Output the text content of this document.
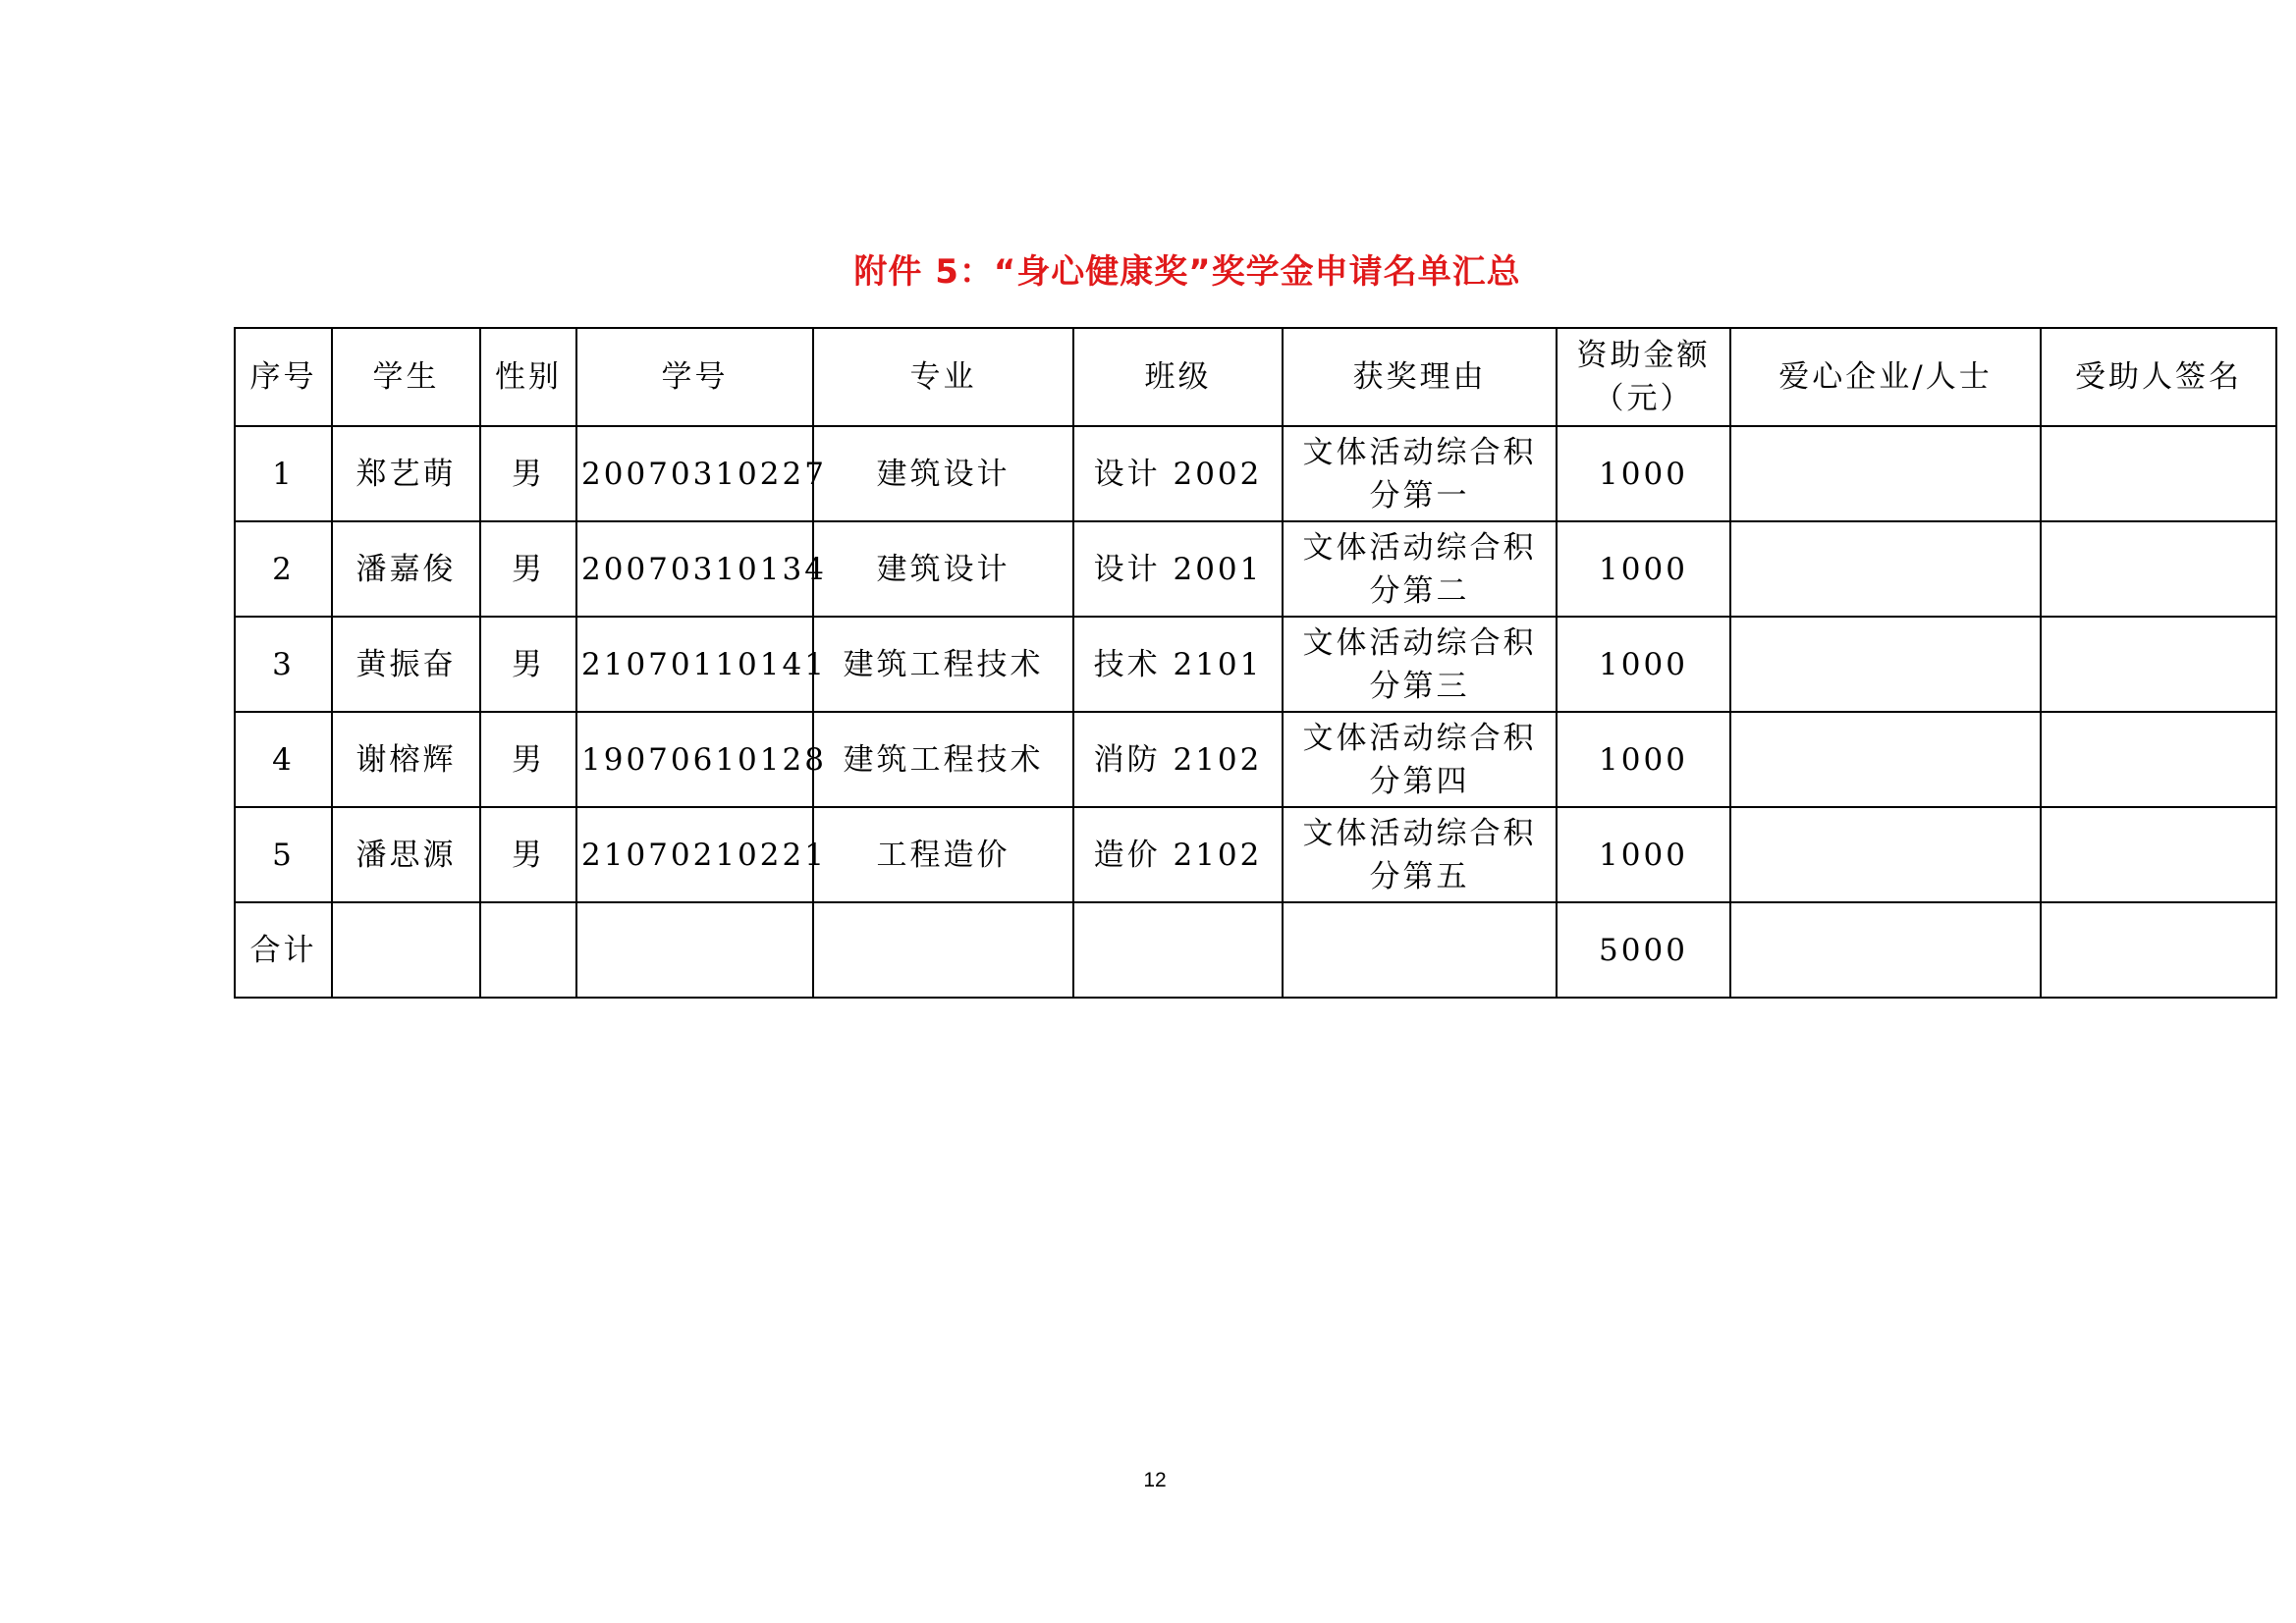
附件 5：“身心健康奖”奖学金申请名单汇总
序号	学生	性别	学号	专业	班级	获奖理由	资助金额
（元）	爱心企业/人士	受助人签名
1	郑艺萌	男	20070310227	建筑设计	设计 2002	文体活动综合积
分第一	1000		
2	潘嘉俊	男	20070310134	建筑设计	设计 2001	文体活动综合积
分第二	1000		
3	黄振奋	男	21070110141	建筑工程技术	技术 2101	文体活动综合积
分第三	1000		
4	谢榕辉	男	19070610128	建筑工程技术	消防 2102	文体活动综合积
分第四	1000		
5	潘思源	男	21070210221	工程造价	造价 2102	文体活动综合积
分第五	1000		
合计							5000		
12
